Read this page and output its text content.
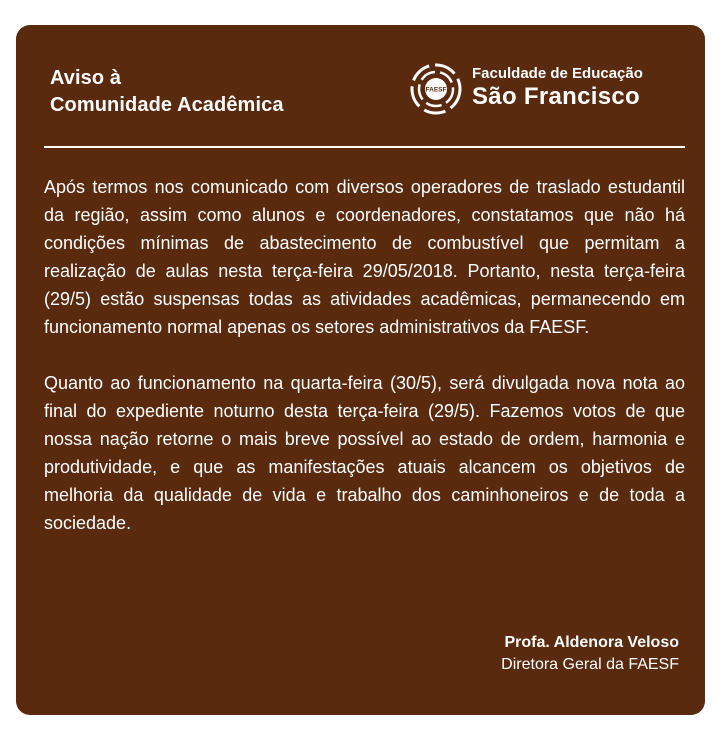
Aviso à
Comunidade Acadêmica
FAESF
Faculdade de Educação
São Francisco

Após termos nos comunicado com diversos operadores de traslado estudantil da região, assim como alunos e coordenadores, constatamos que não há condições mínimas de abastecimento de combustível que permitam a realização de aulas nesta terça-feira 29/05/2018. Portanto, nesta terça-feira (29/5) estão suspensas todas as atividades acadêmicas, permanecendo em funcionamento normal apenas os setores administrativos da FAESF.

Quanto ao funcionamento na quarta-feira (30/5), será divulgada nova nota ao final do expediente noturno desta terça-feira (29/5). Fazemos votos de que nossa nação retorne o mais breve possível ao estado de ordem, harmonia e produtividade, e que as manifestações atuais alcancem os objetivos de melhoria da qualidade de vida e trabalho dos caminhoneiros e de toda a sociedade.

Profa. Aldenora Veloso
Diretora Geral da FAESF
